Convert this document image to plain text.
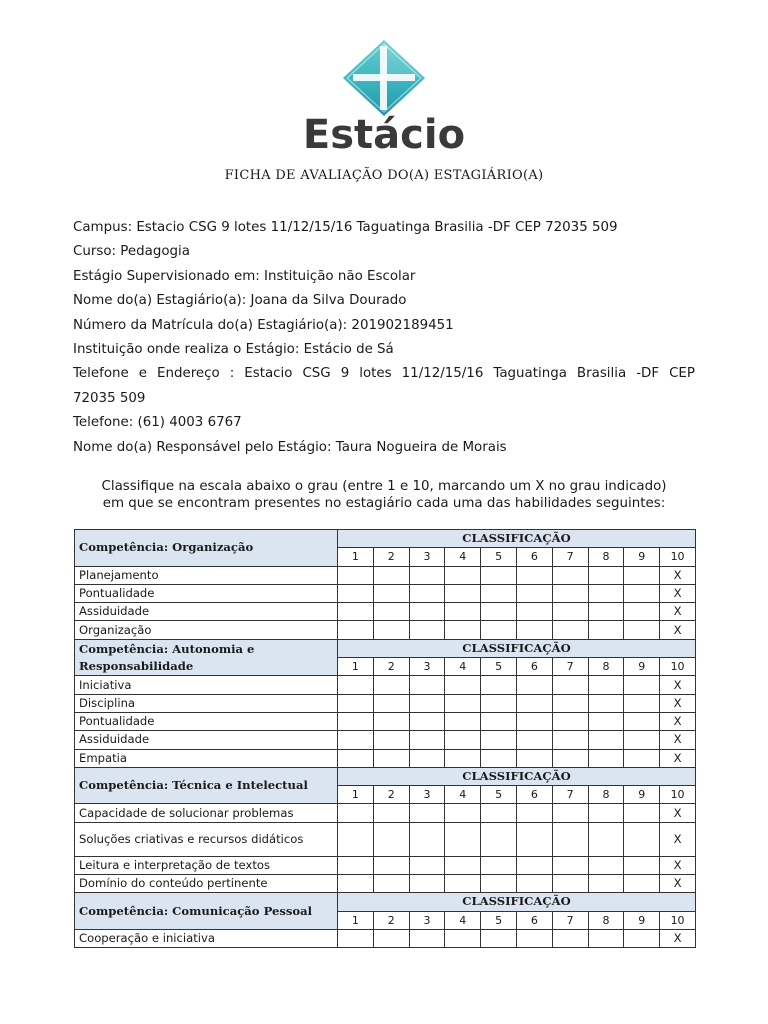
Estácio
FICHA DE AVALIAÇÃO DO(A) ESTAGIÁRIO(A)
Campus: Estacio CSG 9 lotes 11/12/15/16 Taguatinga Brasilia -DF CEP 72035 509
Curso: Pedagogia
Estágio Supervisionado em: Instituição não Escolar
Nome do(a) Estagiário(a): Joana da Silva Dourado
Número da Matrícula do(a) Estagiário(a): 201902189451
Instituição onde realiza o Estágio: Estácio de Sá
Telefone e Endereço : Estacio CSG 9 lotes 11/12/15/16 Taguatinga Brasilia -DF CEP
72035 509
Telefone: (61) 4003 6767
Nome do(a) Responsável pelo Estágio: Taura Nogueira de Morais
Classifique na escala abaixo o grau (entre 1 e 10, marcando um X no grau indicado)
em que se encontram presentes no estagiário cada uma das habilidades seguintes:
Competência: Organização	CLASSIFICAÇÃO									
	1	2	3	4	5	6	7	8	9	10
Planejamento										X
Pontualidade										X
Assiduidade										X
Organização										X
Competência: Autonomia e Responsabilidade	CLASSIFICAÇÃO									
	1	2	3	4	5	6	7	8	9	10
Iniciativa										X
Disciplina										X
Pontualidade										X
Assiduidade										X
Empatia										X
Competência: Técnica e Intelectual	CLASSIFICAÇÃO									
	1	2	3	4	5	6	7	8	9	10
Capacidade de solucionar problemas										X
Soluções criativas e recursos didáticos										X
Leitura e interpretação de textos										X
Domínio do conteúdo pertinente										X
Competência: Comunicação Pessoal	CLASSIFICAÇÃO									
	1	2	3	4	5	6	7	8	9	10
Cooperação e iniciativa										X
